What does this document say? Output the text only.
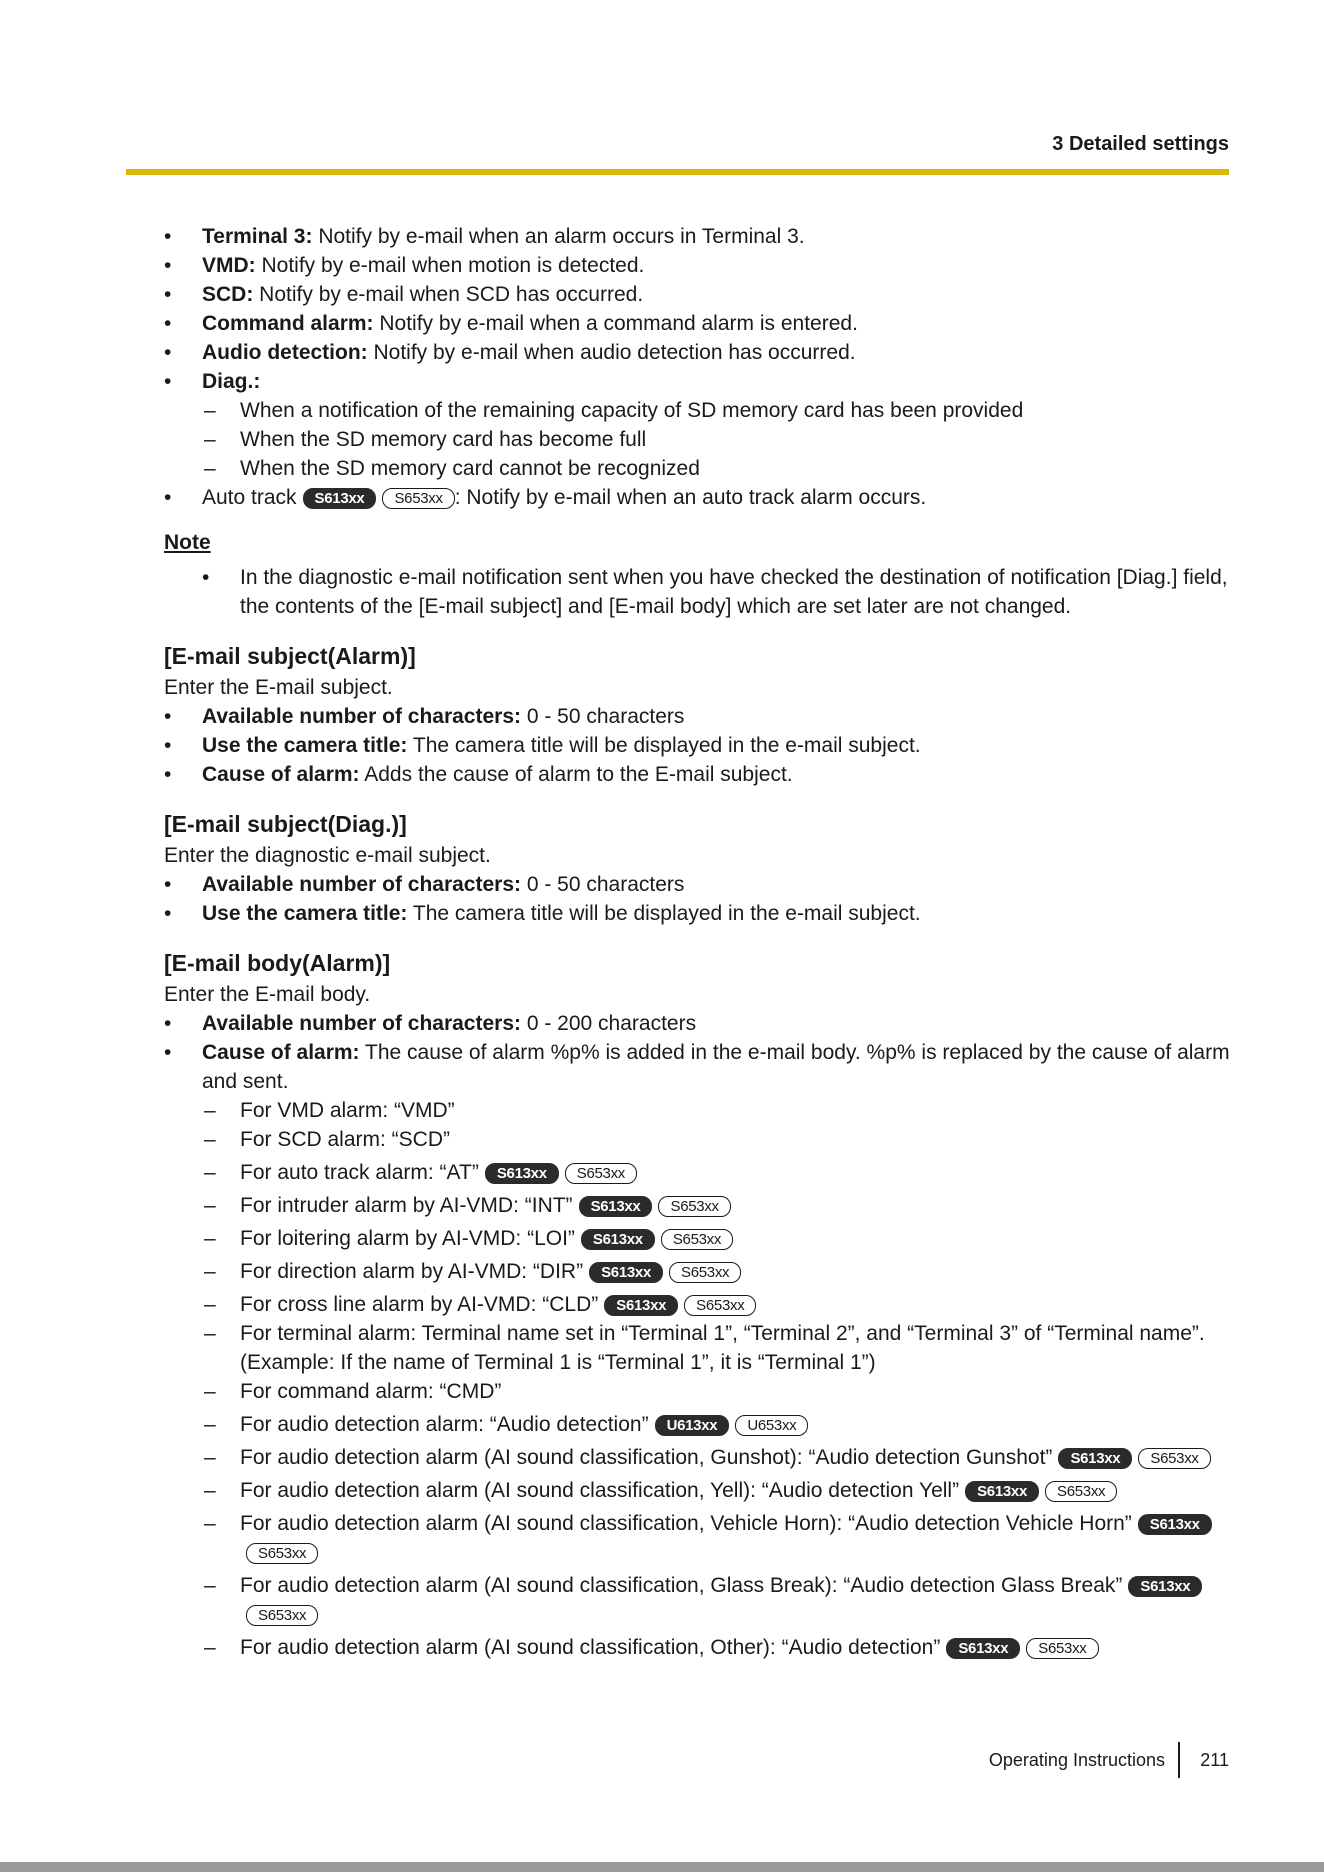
3 Detailed settings
• Terminal 3: Notify by e-mail when an alarm occurs in Terminal 3.
• VMD: Notify by e-mail when motion is detected.
• SCD: Notify by e-mail when SCD has occurred.
• Command alarm: Notify by e-mail when a command alarm is entered.
• Audio detection: Notify by e-mail when audio detection has occurred.
• Diag.:
– When a notification of the remaining capacity of SD memory card has been provided
– When the SD memory card has become full
– When the SD memory card cannot be recognized
• Auto track S613xx S653xx : Notify by e-mail when an auto track alarm occurs.
Note
• In the diagnostic e-mail notification sent when you have checked the destination of notification [Diag.] field, the contents of the [E-mail subject] and [E-mail body] which are set later are not changed.
[E-mail subject(Alarm)]
Enter the E-mail subject.
• Available number of characters: 0 - 50 characters
• Use the camera title: The camera title will be displayed in the e-mail subject.
• Cause of alarm: Adds the cause of alarm to the E-mail subject.
[E-mail subject(Diag.)]
Enter the diagnostic e-mail subject.
• Available number of characters: 0 - 50 characters
• Use the camera title: The camera title will be displayed in the e-mail subject.
[E-mail body(Alarm)]
Enter the E-mail body.
• Available number of characters: 0 - 200 characters
• Cause of alarm: The cause of alarm %p% is added in the e-mail body. %p% is replaced by the cause of alarm and sent.
– For VMD alarm: “VMD”
– For SCD alarm: “SCD”
– For auto track alarm: “AT” S613xx S653xx
– For intruder alarm by AI-VMD: “INT” S613xx S653xx
– For loitering alarm by AI-VMD: “LOI” S613xx S653xx
– For direction alarm by AI-VMD: “DIR” S613xx S653xx
– For cross line alarm by AI-VMD: “CLD” S613xx S653xx
– For terminal alarm: Terminal name set in “Terminal 1”, “Terminal 2”, and “Terminal 3” of “Terminal name”. (Example: If the name of Terminal 1 is “Terminal 1”, it is “Terminal 1”)
– For command alarm: “CMD”
– For audio detection alarm: “Audio detection” U613xx U653xx
– For audio detection alarm (AI sound classification, Gunshot): “Audio detection Gunshot” S613xx S653xx
– For audio detection alarm (AI sound classification, Yell): “Audio detection Yell” S613xx S653xx
– For audio detection alarm (AI sound classification, Vehicle Horn): “Audio detection Vehicle Horn” S613xxS653xx
– For audio detection alarm (AI sound classification, Glass Break): “Audio detection Glass Break” S613xxS653xx
– For audio detection alarm (AI sound classification, Other): “Audio detection” S613xx S653xx
Operating Instructions 211
